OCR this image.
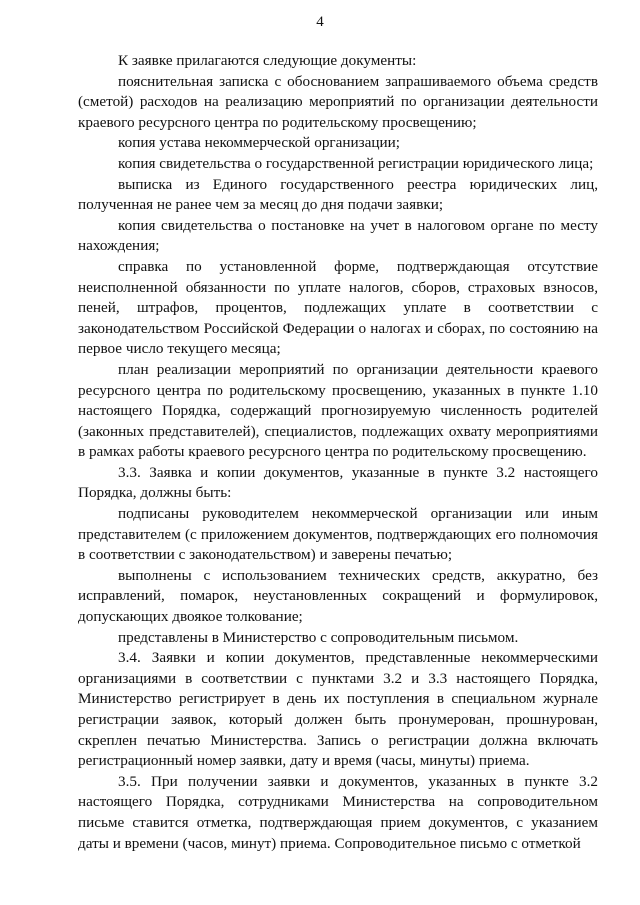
4

К заявке прилагаются следующие документы:

пояснительная записка с обоснованием запрашиваемого объема средств (сметой) расходов на реализацию мероприятий по организации деятельности краевого ресурсного центра по родительскому просвещению;

копия устава некоммерческой организации;

копия свидетельства о государственной регистрации юридического лица;

выписка из Единого государственного реестра юридических лиц, полученная не ранее чем за месяц до дня подачи заявки;

копия свидетельства о постановке на учет в налоговом органе по месту нахождения;

справка по установленной форме, подтверждающая отсутствие неисполненной обязанности по уплате налогов, сборов, страховых взносов, пеней, штрафов, процентов, подлежащих уплате в соответствии с законодательством Российской Федерации о налогах и сборах, по состоянию на первое число текущего месяца;

план реализации мероприятий по организации деятельности краевого ресурсного центра по родительскому просвещению, указанных в пункте 1.10 настоящего Порядка, содержащий прогнозируемую численность родителей (законных представителей), специалистов, подлежащих охвату мероприятиями в рамках работы краевого ресурсного центра по родительскому просвещению.

3.3. Заявка и копии документов, указанные в пункте 3.2 настоящего Порядка, должны быть:

подписаны руководителем некоммерческой организации или иным представителем (с приложением документов, подтверждающих его полномочия в соответствии с законодательством) и заверены печатью;

выполнены с использованием технических средств, аккуратно, без исправлений, помарок, неустановленных сокращений и формулировок, допускающих двоякое толкование;

представлены в Министерство с сопроводительным письмом.

3.4. Заявки и копии документов, представленные некоммерческими организациями в соответствии с пунктами 3.2 и 3.3 настоящего Порядка, Министерство регистрирует в день их поступления в специальном журнале регистрации заявок, который должен быть пронумерован, прошнурован, скреплен печатью Министерства. Запись о регистрации должна включать регистрационный номер заявки, дату и время (часы, минуты) приема.

3.5. При получении заявки и документов, указанных в пункте 3.2 настоящего Порядка, сотрудниками Министерства на сопроводительном письме ставится отметка, подтверждающая прием документов, с указанием даты и времени (часов, минут) приема. Сопроводительное письмо с отметкой
